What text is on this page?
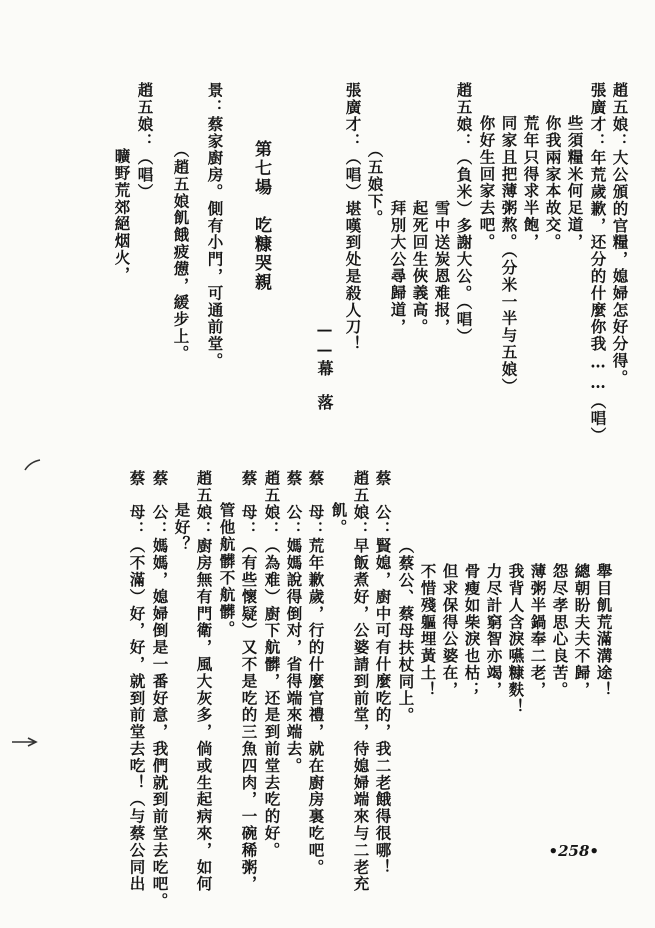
趙五娘：大公頒的官糧，媳婦怎好分得。
張廣才：年荒歲歉，还分的什麼你我……（唱）
些須糧米何足道，
你我兩家本故交。
荒年只得求半飽，
同家且把薄粥熬。（分米一半与五娘）
你好生回家去吧。
趙五娘：（負米）多謝大公。（唱）
雪中送炭恩难报，
起死回生俠義高。
拜別大公尋歸道，
（五娘下。
張廣才：（唱）堪嘆到处是殺人刀！
——幕　落
第七場　吃糠哭親
景：蔡家廚房。側有小門，可通前堂。
（趙五娘飢餓疲憊，緩步上。
趙五娘：（唱）
曠野荒郊絕烟火，
舉目飢荒滿溝途！
總朝盼夫夫不歸，
怨尽孝思心良苦。
薄粥半鍋奉二老，
我背人含淚嚥糠麩！
力尽計窮智亦竭，
骨瘦如柴淚也枯；
但求保得公婆在，
不惜殘軀埋黃土！
（蔡公、蔡母扶杖同上。
蔡　公：賢媳，廚中可有什麼吃的，我二老餓得很哪！
趙五娘：早飯煮好，公婆請到前堂，待媳婦端來与二老充
飢。
蔡　母：荒年歉歲，行的什麼官禮，就在廚房裏吃吧。
蔡　公：媽媽說得倒对，省得端來端去。
趙五娘：（為难）廚下航髒，还是到前堂去吃的好。
蔡　母：（有些懷疑）又不是吃的三魚四肉，一碗稀粥，
管他航髒不航髒。
趙五娘：廚房無有門衛，風大灰多，倘或生起病來，如何
是好？
蔡　公：媽媽，媳婦倒是一番好意，我們就到前堂去吃吧。
蔡　母：（不滿）好，好，就到前堂去吃！（与蔡公同出	•258•
